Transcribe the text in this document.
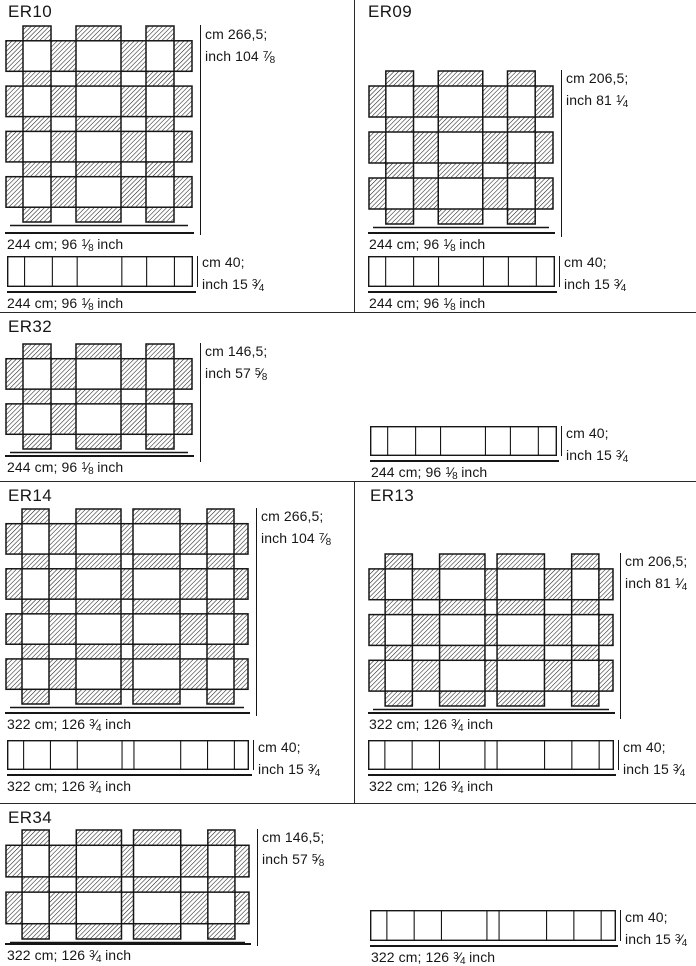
ER10
cm 266,5;
inch 104 $^7⁄_8$
244 cm; 96 $^1⁄_8$ inch
cm 40;
inch 15 $^3⁄_4$
244 cm; 96 $^1⁄_8$ inch
ER09
cm 206,5;
inch 81 $^1⁄_4$
244 cm; 96 $^1⁄_8$ inch
cm 40;
inch 15 $^3⁄_4$
244 cm; 96 $^1⁄_8$ inch
ER32
cm 146,5;
inch 57 $^5⁄_8$
244 cm; 96 $^1⁄_8$ inch
cm 40;
inch 15 $^3⁄_4$
244 cm; 96 $^1⁄_8$ inch
ER14
cm 266,5;
inch 104 $^7⁄_8$
322 cm; 126 $^3⁄_4$ inch
cm 40;
inch 15 $^3⁄_4$
322 cm; 126 $^3⁄_4$ inch
ER13
cm 206,5;
inch 81 $^1⁄_4$
322 cm; 126 $^3⁄_4$ inch
cm 40;
inch 15 $^3⁄_4$
322 cm; 126 $^3⁄_4$ inch
ER34
cm 146,5;
inch 57 $^5⁄_8$
322 cm; 126 $^3⁄_4$ inch
cm 40;
inch 15 $^3⁄_4$
322 cm; 126 $^3⁄_4$ inch
